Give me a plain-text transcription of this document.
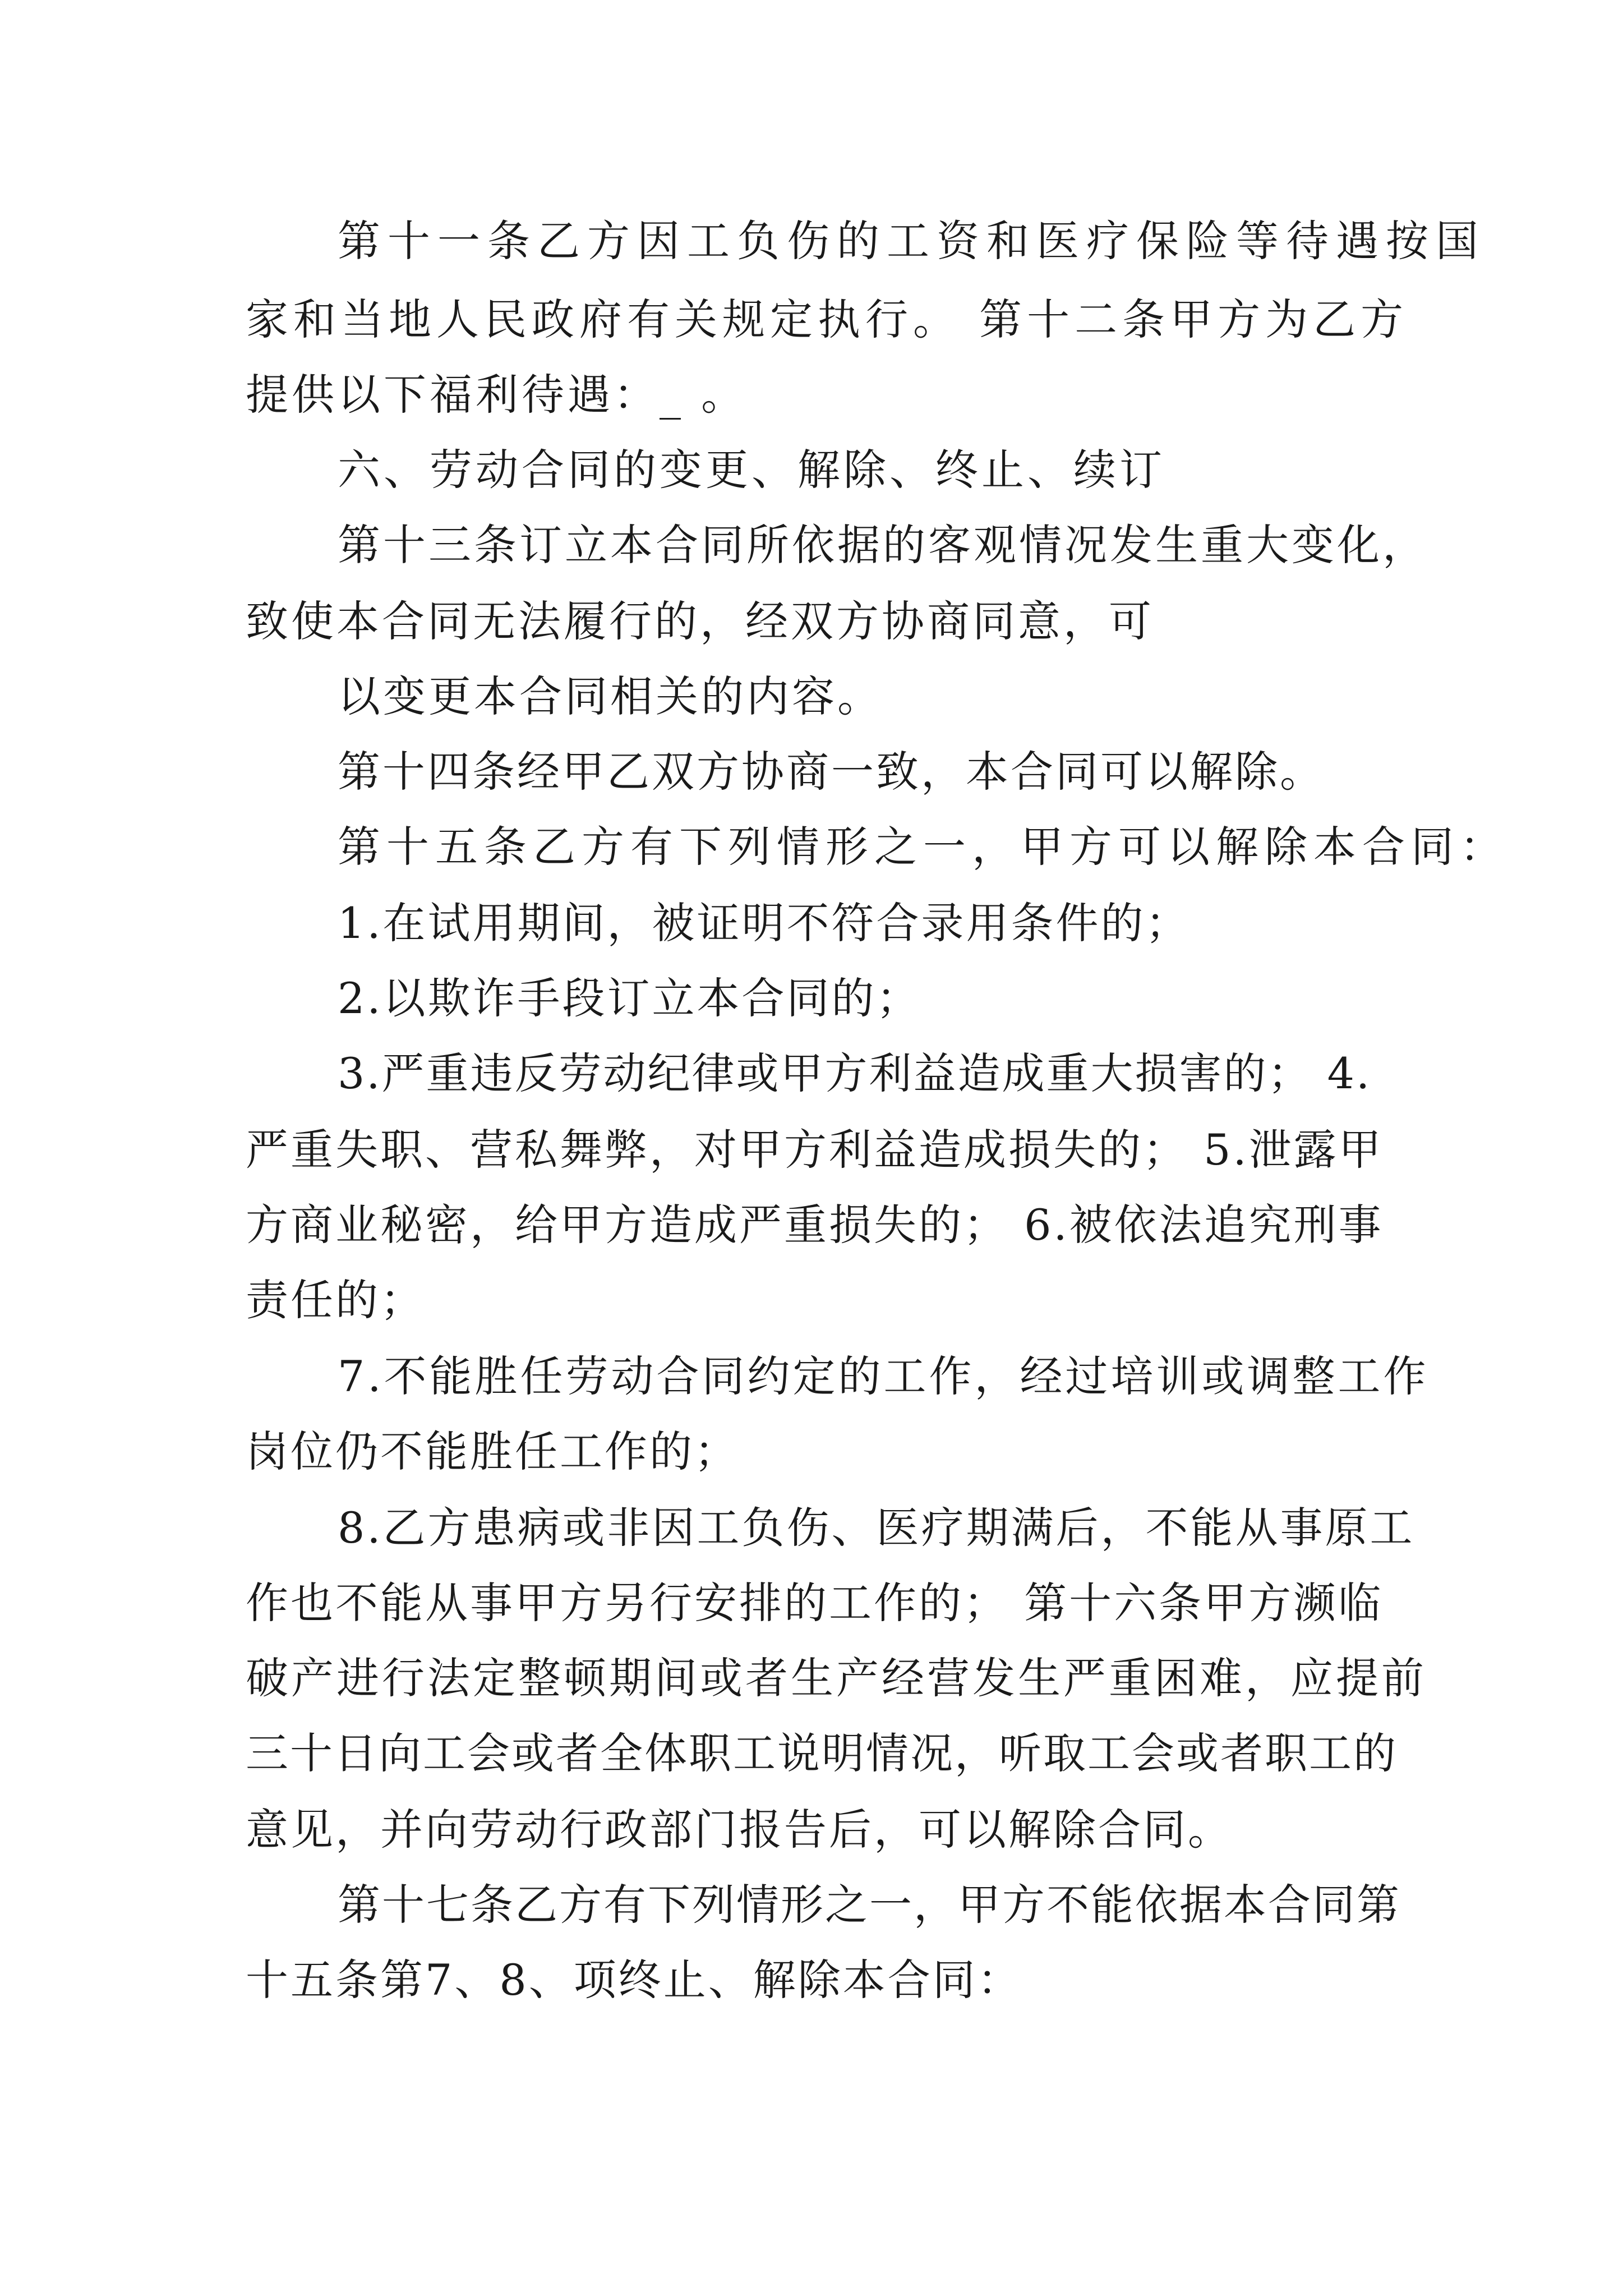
第十一条乙方因工负伤的工资和医疗保险等待遇按国

家和当地人民政府有关规定执行。 第十二条甲方为乙方

提供以下福利待遇：_ 。

六、劳动合同的变更、解除、终止、续订

第十三条订立本合同所依据的客观情况发生重大变化，

致使本合同无法履行的，经双方协商同意，可

以变更本合同相关的内容。

第十四条经甲乙双方协商一致，本合同可以解除。

第十五条乙方有下列情形之一，甲方可以解除本合同：

1.在试用期间，被证明不符合录用条件的；

2.以欺诈手段订立本合同的；

3.严重违反劳动纪律或甲方利益造成重大损害的； 4.

严重失职、营私舞弊，对甲方利益造成损失的； 5.泄露甲

方商业秘密，给甲方造成严重损失的； 6.被依法追究刑事

责任的；

7.不能胜任劳动合同约定的工作，经过培训或调整工作

岗位仍不能胜任工作的；

8.乙方患病或非因工负伤、医疗期满后，不能从事原工

作也不能从事甲方另行安排的工作的； 第十六条甲方濒临

破产进行法定整顿期间或者生产经营发生严重困难，应提前

三十日向工会或者全体职工说明情况，听取工会或者职工的

意见，并向劳动行政部门报告后，可以解除合同。

第十七条乙方有下列情形之一，甲方不能依据本合同第

十五条第7、8、项终止、解除本合同：
